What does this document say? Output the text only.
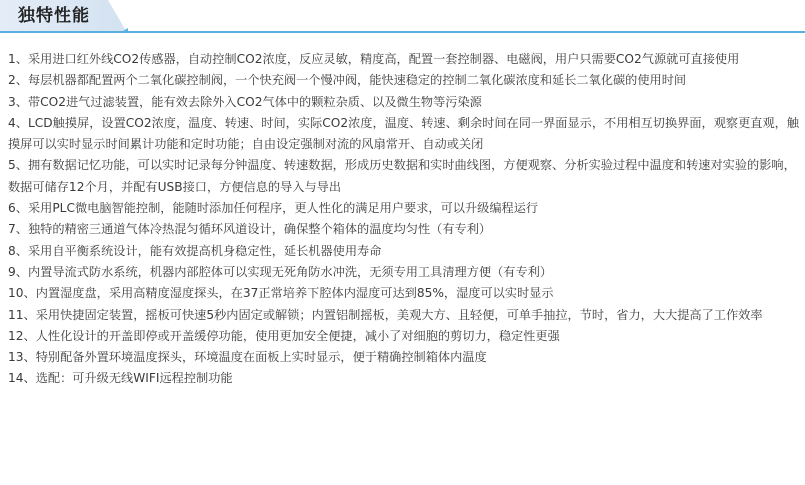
独特性能
1、采用进口红外线CO2传感器，自动控制CO2浓度，反应灵敏，精度高，配置一套控制器、电磁阀，用户只需要CO2气源就可直接使用
2、每层机器都配置两个二氧化碳控制阀，一个快充阀一个慢冲阀，能快速稳定的控制二氧化碳浓度和延长二氧化碳的使用时间
3、带CO2进气过滤装置，能有效去除外入CO2气体中的颗粒杂质、以及微生物等污染源
4、LCD触摸屏，设置CO2浓度，温度、转速、时间，实际CO2浓度，温度、转速、剩余时间在同一界面显示，不用相互切换界面，观察更直观，触摸屏可以实时显示时间累计功能和定时功能；自由设定强制对流的风扇常开、自动或关闭
5、拥有数据记忆功能，可以实时记录每分钟温度、转速数据，形成历史数据和实时曲线图，方便观察、分析实验过程中温度和转速对实验的影响，数据可储存12个月，并配有USB接口，方便信息的导入与导出
6、采用PLC微电脑智能控制，能随时添加任何程序，更人性化的满足用户要求，可以升级编程运行
7、独特的精密三通道气体冷热混匀循环风道设计，确保整个箱体的温度均匀性（有专利）
8、采用自平衡系统设计，能有效提高机身稳定性，延长机器使用寿命
9、内置导流式防水系统，机器内部腔体可以实现无死角防水冲洗，无须专用工具清理方便（有专利）
10、内置湿度盘，采用高精度湿度探头，在37正常培养下腔体内湿度可达到85%，湿度可以实时显示
11、采用快捷固定装置，摇板可快速5秒内固定或解锁；内置铝制摇板，美观大方、且轻便，可单手抽拉，节时，省力，大大提高了工作效率
12、人性化设计的开盖即停或开盖缓停功能，使用更加安全便捷，减小了对细胞的剪切力，稳定性更强
13、特别配备外置环境温度探头，环境温度在面板上实时显示，便于精确控制箱体内温度
14、选配：可升级无线WIFI远程控制功能
